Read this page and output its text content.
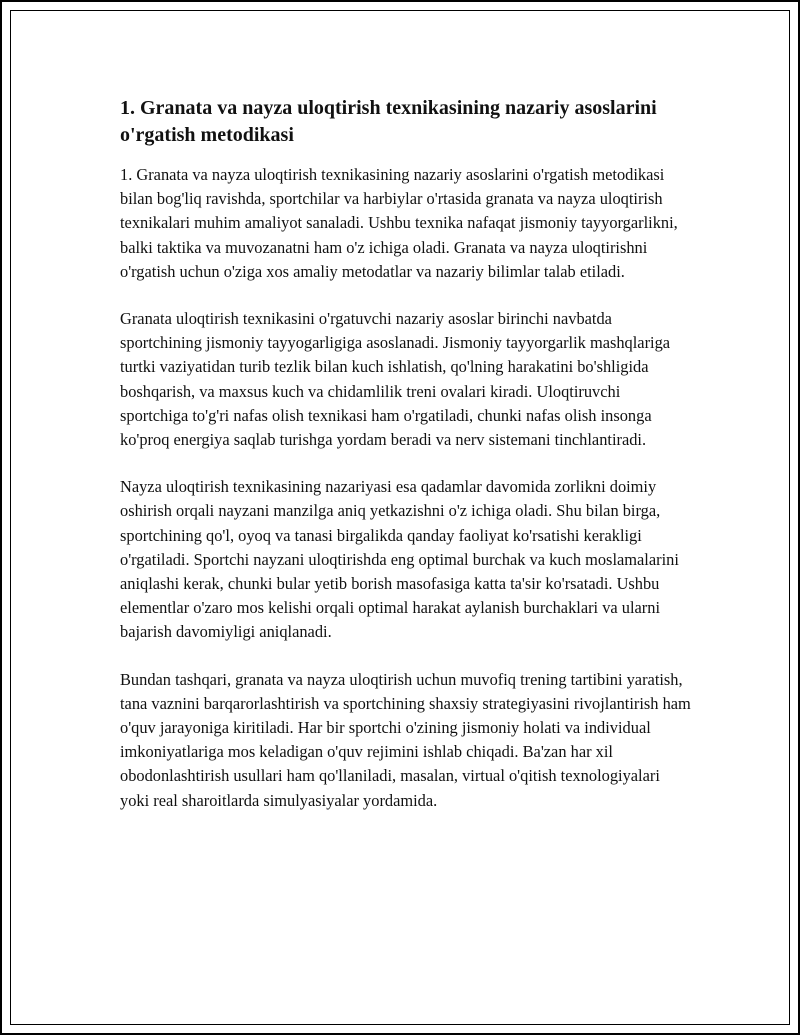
1. Granata va nayza uloqtirish texnikasining nazariy asoslarini o'rgatish metodikasi

1. Granata va nayza uloqtirish texnikasining nazariy asoslarini o'rgatish metodikasi bilan bog'liq ravishda, sportchilar va harbiylar o'rtasida granata va nayza uloqtirish texnikalari muhim amaliyot sanaladi. Ushbu texnika nafaqat jismoniy tayyorgarlikni, balki taktika va muvozanatni ham o'z ichiga oladi. Granata va nayza uloqtirishni o'rgatish uchun o'ziga xos amaliy metodatlar va nazariy bilimlar talab etiladi.

Granata uloqtirish texnikasini o'rgatuvchi nazariy asoslar birinchi navbatda sportchining jismoniy tayyogarligiga asoslanadi. Jismoniy tayyorgarlik mashqlariga turtki vaziyatidan turib tezlik bilan kuch ishlatish, qo'lning harakatini bo'shligida boshqarish, va maxsus kuch va chidamlilik treni ovalari kiradi. Uloqtiruvchi sportchiga to'g'ri nafas olish texnikasi ham o'rgatiladi, chunki nafas olish insonga ko'proq energiya saqlab turishga yordam beradi va nerv sistemani tinchlantiradi.

Nayza uloqtirish texnikasining nazariyasi esa qadamlar davomida zorlikni doimiy oshirish orqali nayzani manzilga aniq yetkazishni o'z ichiga oladi. Shu bilan birga, sportchining qo'l, oyoq va tanasi birgalikda qanday faoliyat ko'rsatishi kerakligi o'rgatiladi. Sportchi nayzani uloqtirishda eng optimal burchak va kuch moslamalarini aniqlashi kerak, chunki bular yetib borish masofasiga katta ta'sir ko'rsatadi. Ushbu elementlar o'zaro mos kelishi orqali optimal harakat aylanish burchaklari va ularni bajarish davomiyligi aniqlanadi.

Bundan tashqari, granata va nayza uloqtirish uchun muvofiq trening tartibini yaratish, tana vaznini barqarorlashtirish va sportchining shaxsiy strategiyasini rivojlantirish ham o'quv jarayoniga kiritiladi. Har bir sportchi o'zining jismoniy holati va individual imkoniyatlariga mos keladigan o'quv rejimini ishlab chiqadi. Ba'zan har xil obodonlashtirish usullari ham qo'llaniladi, masalan, virtual o'qitish texnologiyalari yoki real sharoitlarda simulyasiyalar yordamida.
